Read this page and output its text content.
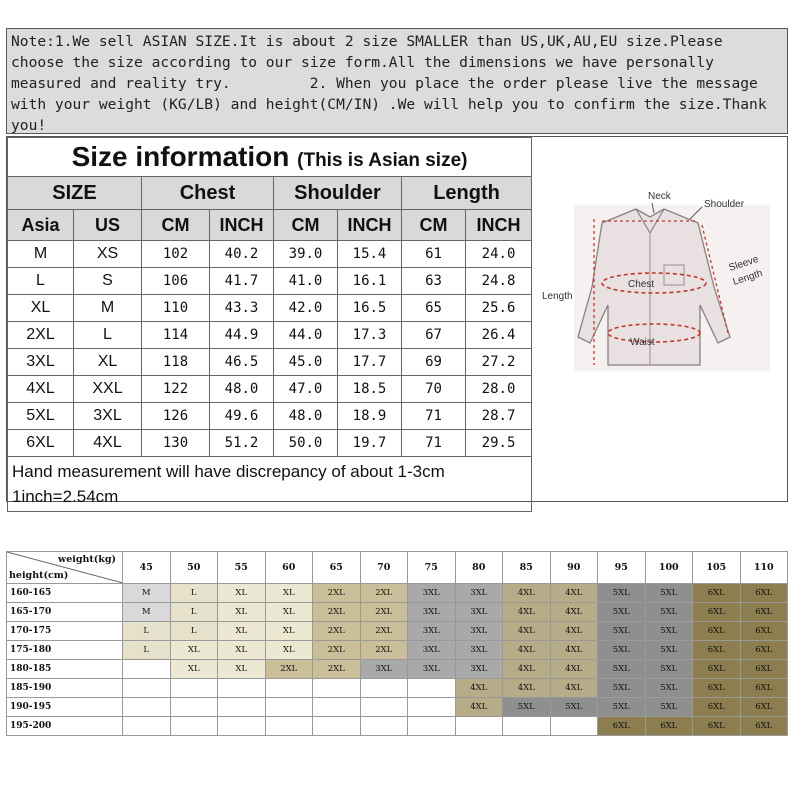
Note:1.We sell ASIAN SIZE.It is about 2 size SMALLER than US,UK,AU,EU size.Please choose the size according to our size form.All the dimensions we have personally measured and reality try.         2. When you place the order please live the message with your weight (KG/LB) and height(CM/IN) .We will help you to confirm the size.Thank you!
Size information (This is Asian size)							
SIZE		Chest		Shoulder		Length	
Asia	US	CM	INCH	CM	INCH	CM	INCH
M	XS	102	40.2	39.0	15.4	61	24.0
L	S	106	41.7	41.0	16.1	63	24.8
XL	M	110	43.3	42.0	16.5	65	25.6
2XL	L	114	44.9	44.0	17.3	67	26.4
3XL	XL	118	46.5	45.0	17.7	69	27.2
4XL	XXL	122	48.0	47.0	18.5	70	28.0
5XL	3XL	126	49.6	48.0	18.9	71	28.7
6XL	4XL	130	51.2	50.0	19.7	71	29.5

Hand measurement will have discrepancy of about 1-3cm
1inch=2.54cm							
Neck
Shoulder
Sleeve
Length
Length
Chest
Waist
weight(kg)
height(cm)	45	50	55	60	65	70	75	80	85	90	95	100	105	110
160-165	M	L	XL	XL	2XL	2XL	3XL	3XL	4XL	4XL	5XL	5XL	6XL	6XL
165-170	M	L	XL	XL	2XL	2XL	3XL	3XL	4XL	4XL	5XL	5XL	6XL	6XL
170-175	L	L	XL	XL	2XL	2XL	3XL	3XL	4XL	4XL	5XL	5XL	6XL	6XL
175-180	L	XL	XL	XL	2XL	2XL	3XL	3XL	4XL	4XL	5XL	5XL	6XL	6XL
180-185		XL	XL	2XL	2XL	3XL	3XL	3XL	4XL	4XL	5XL	5XL	6XL	6XL
185-190								4XL	4XL	4XL	5XL	5XL	6XL	6XL
190-195								4XL	5XL	5XL	5XL	5XL	6XL	6XL
195-200											6XL	6XL	6XL	6XL
